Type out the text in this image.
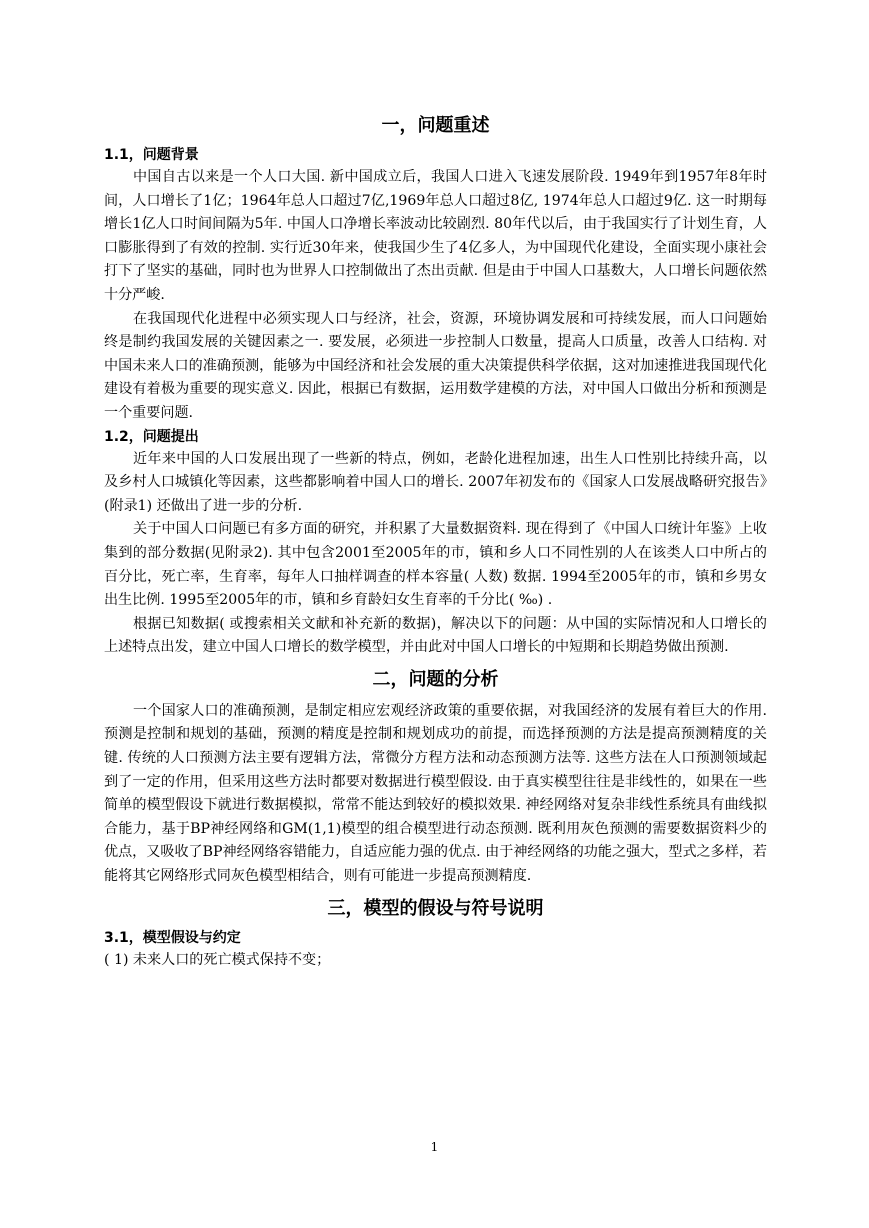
一，问题重述
1.1，问题背景

中国自古以来是一个人口大国. 新中国成立后，我国人口进入飞速发展阶段. 1949年到1957年8年时间，人口增长了1亿；1964年总人口超过7亿,1969年总人口超过8亿, 1974年总人口超过9亿. 这一时期每增长1亿人口时间间隔为5年. 中国人口净增长率波动比较剧烈. 80年代以后，由于我国实行了计划生育，人口膨胀得到了有效的控制. 实行近30年来，使我国少生了4亿多人，为中国现代化建设，全面实现小康社会打下了坚实的基础，同时也为世界人口控制做出了杰出贡献. 但是由于中国人口基数大，人口增长问题依然十分严峻.

在我国现代化进程中必须实现人口与经济，社会，资源，环境协调发展和可持续发展，而人口问题始终是制约我国发展的关键因素之一. 要发展，必须进一步控制人口数量，提高人口质量，改善人口结构. 对中国未来人口的准确预测，能够为中国经济和社会发展的重大决策提供科学依据，这对加速推进我国现代化建设有着极为重要的现实意义. 因此，根据已有数据，运用数学建模的方法，对中国人口做出分析和预测是一个重要问题.

1.2，问题提出

近年来中国的人口发展出现了一些新的特点，例如，老龄化进程加速，出生人口性别比持续升高，以及乡村人口城镇化等因素，这些都影响着中国人口的增长. 2007年初发布的《国家人口发展战略研究报告》(附录1) 还做出了进一步的分析.

关于中国人口问题已有多方面的研究，并积累了大量数据资料. 现在得到了《中国人口统计年鉴》上收集到的部分数据(见附录2). 其中包含2001至2005年的市，镇和乡人口不同性别的人在该类人口中所占的百分比，死亡率，生育率，每年人口抽样调查的样本容量( 人数) 数据. 1994至2005年的市，镇和乡男女出生比例. 1995至2005年的市，镇和乡育龄妇女生育率的千分比( ‰) .

根据已知数据( 或搜索相关文献和补充新的数据)，解决以下的问题：从中国的实际情况和人口增长的上述特点出发，建立中国人口增长的数学模型，并由此对中国人口增长的中短期和长期趋势做出预测.

二，问题的分析

一个国家人口的准确预测，是制定相应宏观经济政策的重要依据，对我国经济的发展有着巨大的作用. 预测是控制和规划的基础，预测的精度是控制和规划成功的前提，而选择预测的方法是提高预测精度的关键. 传统的人口预测方法主要有逻辑方法，常微分方程方法和动态预测方法等. 这些方法在人口预测领域起到了一定的作用，但采用这些方法时都要对数据进行模型假设. 由于真实模型往往是非线性的，如果在一些简单的模型假设下就进行数据模拟，常常不能达到较好的模拟效果. 神经网络对复杂非线性系统具有曲线拟合能力，基于BP神经网络和GM(1,1)模型的组合模型进行动态预测. 既利用灰色预测的需要数据资料少的优点，又吸收了BP神经网络容错能力，自适应能力强的优点. 由于神经网络的功能之强大，型式之多样，若能将其它网络形式同灰色模型相结合，则有可能进一步提高预测精度.

三，模型的假设与符号说明
3.1，模型假设与约定

( 1) 未来人口的死亡模式保持不变；

1
